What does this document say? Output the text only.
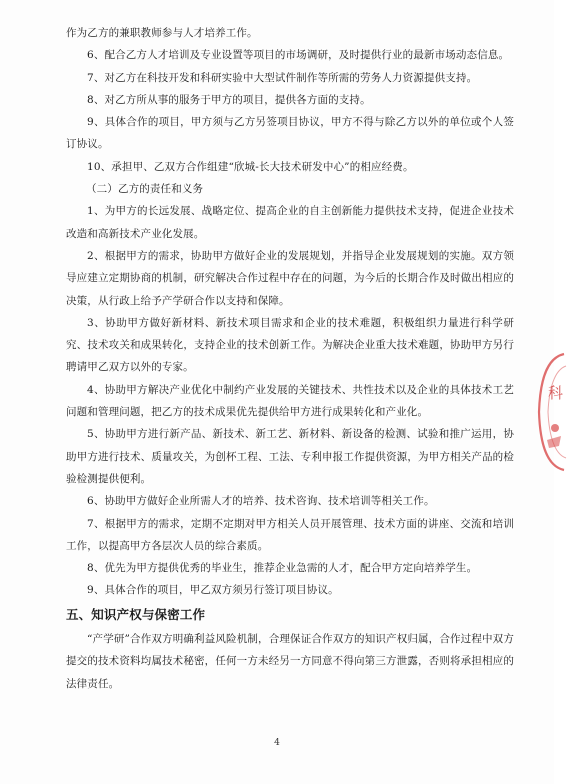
作为乙方的兼职教师参与人才培养工作。

6、配合乙方人才培训及专业设置等项目的市场调研，及时提供行业的最新市场动态信息。

7、对乙方在科技开发和科研实验中大型试件制作等所需的劳务人力资源提供支持。

8、对乙方所从事的服务于甲方的项目，提供各方面的支持。

9、具体合作的项目，甲方须与乙方另签项目协议，甲方不得与除乙方以外的单位或个人签订协议。

10、承担甲、乙双方合作组建“欣城-长大技术研发中心”的相应经费。

（二）乙方的责任和义务

1、为甲方的长远发展、战略定位、提高企业的自主创新能力提供技术支持，促进企业技术改造和高新技术产业化发展。

2、根据甲方的需求，协助甲方做好企业的发展规划，并指导企业发展规划的实施。双方领导应建立定期协商的机制，研究解决合作过程中存在的问题，为今后的长期合作及时做出相应的决策，从行政上给予产学研合作以支持和保障。

3、协助甲方做好新材料、新技术项目需求和企业的技术难题，积极组织力量进行科学研究、技术攻关和成果转化，支持企业的技术创新工作。为解决企业重大技术难题，协助甲方另行聘请甲乙双方以外的专家。

4、协助甲方解决产业优化中制约产业发展的关键技术、共性技术以及企业的具体技术工艺问题和管理问题，把乙方的技术成果优先提供给甲方进行成果转化和产业化。

5、协助甲方进行新产品、新技术、新工艺、新材料、新设备的检测、试验和推广运用，协助甲方进行技术、质量攻关，为创杯工程、工法、专利申报工作提供资源，为甲方相关产品的检验检测提供便利。

6、协助甲方做好企业所需人才的培养、技术咨询、技术培训等相关工作。

7、根据甲方的需求，定期不定期对甲方相关人员开展管理、技术方面的讲座、交流和培训工作，以提高甲方各层次人员的综合素质。

8、优先为甲方提供优秀的毕业生，推荐企业急需的人才，配合甲方定向培养学生。

9、具体合作的项目，甲乙双方须另行签订项目协议。

五、知识产权与保密工作

“产学研”合作双方明确利益风险机制，合理保证合作双方的知识产权归属，合作过程中双方提交的技术资料均属技术秘密，任何一方未经另一方同意不得向第三方泄露，否则将承担相应的法律责任。

科
4
